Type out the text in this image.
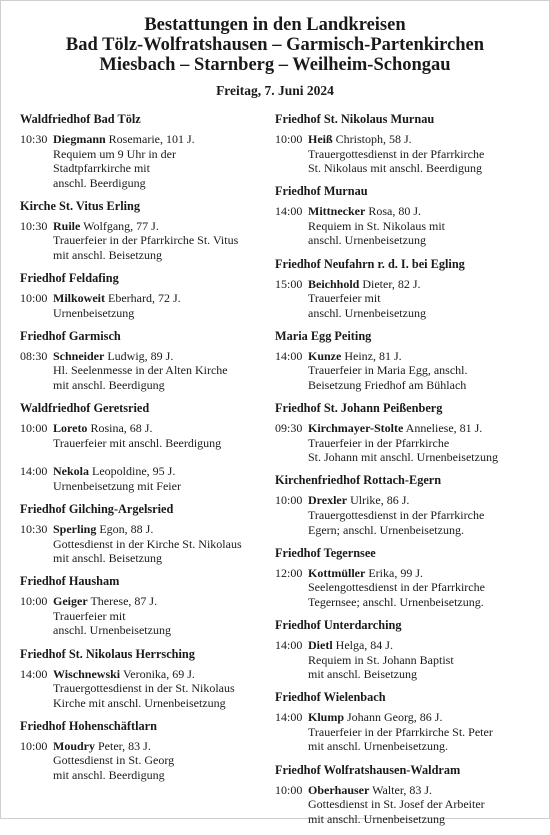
Bestattungen in den Landkreisen
Bad Tölz-Wolfratshausen – Garmisch-Partenkirchen
Miesbach – Starnberg – Weilheim-Schongau
Freitag, 7. Juni 2024
Waldfriedhof Bad Tölz
10:30 Diegmann Rosemarie, 101 J.
Requiem um 9 Uhr in der
Stadtpfarrkirche mit
anschl. Beerdigung
Kirche St. Vitus Erling
10:30 Ruile Wolfgang, 77 J.
Trauerfeier in der Pfarrkirche St. Vitus
mit anschl. Beisetzung
Friedhof Feldafing
10:00 Milkoweit Eberhard, 72 J.
Urnenbeisetzung
Friedhof Garmisch
08:30 Schneider Ludwig, 89 J.
Hl. Seelenmesse in der Alten Kirche
mit anschl. Beerdigung
Waldfriedhof Geretsried
10:00 Loreto Rosina, 68 J.
Trauerfeier mit anschl. Beerdigung
14:00 Nekola Leopoldine, 95 J.
Urnenbeisetzung mit Feier
Friedhof Gilching-Argelsried
10:30 Sperling Egon, 88 J.
Gottesdienst in der Kirche St. Nikolaus
mit anschl. Beisetzung
Friedhof Hausham
10:00 Geiger Therese, 87 J.
Trauerfeier mit
anschl. Urnenbeisetzung
Friedhof St. Nikolaus Herrsching
14:00 Wischnewski Veronika, 69 J.
Trauergottesdienst in der St. Nikolaus
Kirche mit anschl. Urnenbeisetzung
Friedhof Hohenschäftlarn
10:00 Moudry Peter, 83 J.
Gottesdienst in St. Georg
mit anschl. Beerdigung
Friedhof St. Nikolaus Murnau
10:00 Heiß Christoph, 58 J.
Trauergottesdienst in der Pfarrkirche
St. Nikolaus mit anschl. Beerdigung
Friedhof Murnau
14:00 Mittnecker Rosa, 80 J.
Requiem in St. Nikolaus mit
anschl. Urnenbeisetzung
Friedhof Neufahrn r. d. I. bei Egling
15:00 Beichhold Dieter, 82 J.
Trauerfeier mit
anschl. Urnenbeisetzung
Maria Egg Peiting
14:00 Kunze Heinz, 81 J.
Trauerfeier in Maria Egg, anschl.
Beisetzung Friedhof am Bühlach
Friedhof St. Johann Peißenberg
09:30 Kirchmayer-Stolte Anneliese, 81 J.
Trauerfeier in der Pfarrkirche
St. Johann mit anschl. Urnenbeisetzung
Kirchenfriedhof Rottach-Egern
10:00 Drexler Ulrike, 86 J.
Trauergottesdienst in der Pfarrkirche
Egern; anschl. Urnenbeisetzung.
Friedhof Tegernsee
12:00 Kottmüller Erika, 99 J.
Seelengottesdienst in der Pfarrkirche
Tegernsee; anschl. Urnenbeisetzung.
Friedhof Unterdarching
14:00 Dietl Helga, 84 J.
Requiem in St. Johann Baptist
mit anschl. Beisetzung
Friedhof Wielenbach
14:00 Klump Johann Georg, 86 J.
Trauerfeier in der Pfarrkirche St. Peter
mit anschl. Urnenbeisetzung.
Friedhof Wolfratshausen-Waldram
10:00 Oberhauser Walter, 83 J.
Gottesdienst in St. Josef der Arbeiter
mit anschl. Urnenbeisetzung
